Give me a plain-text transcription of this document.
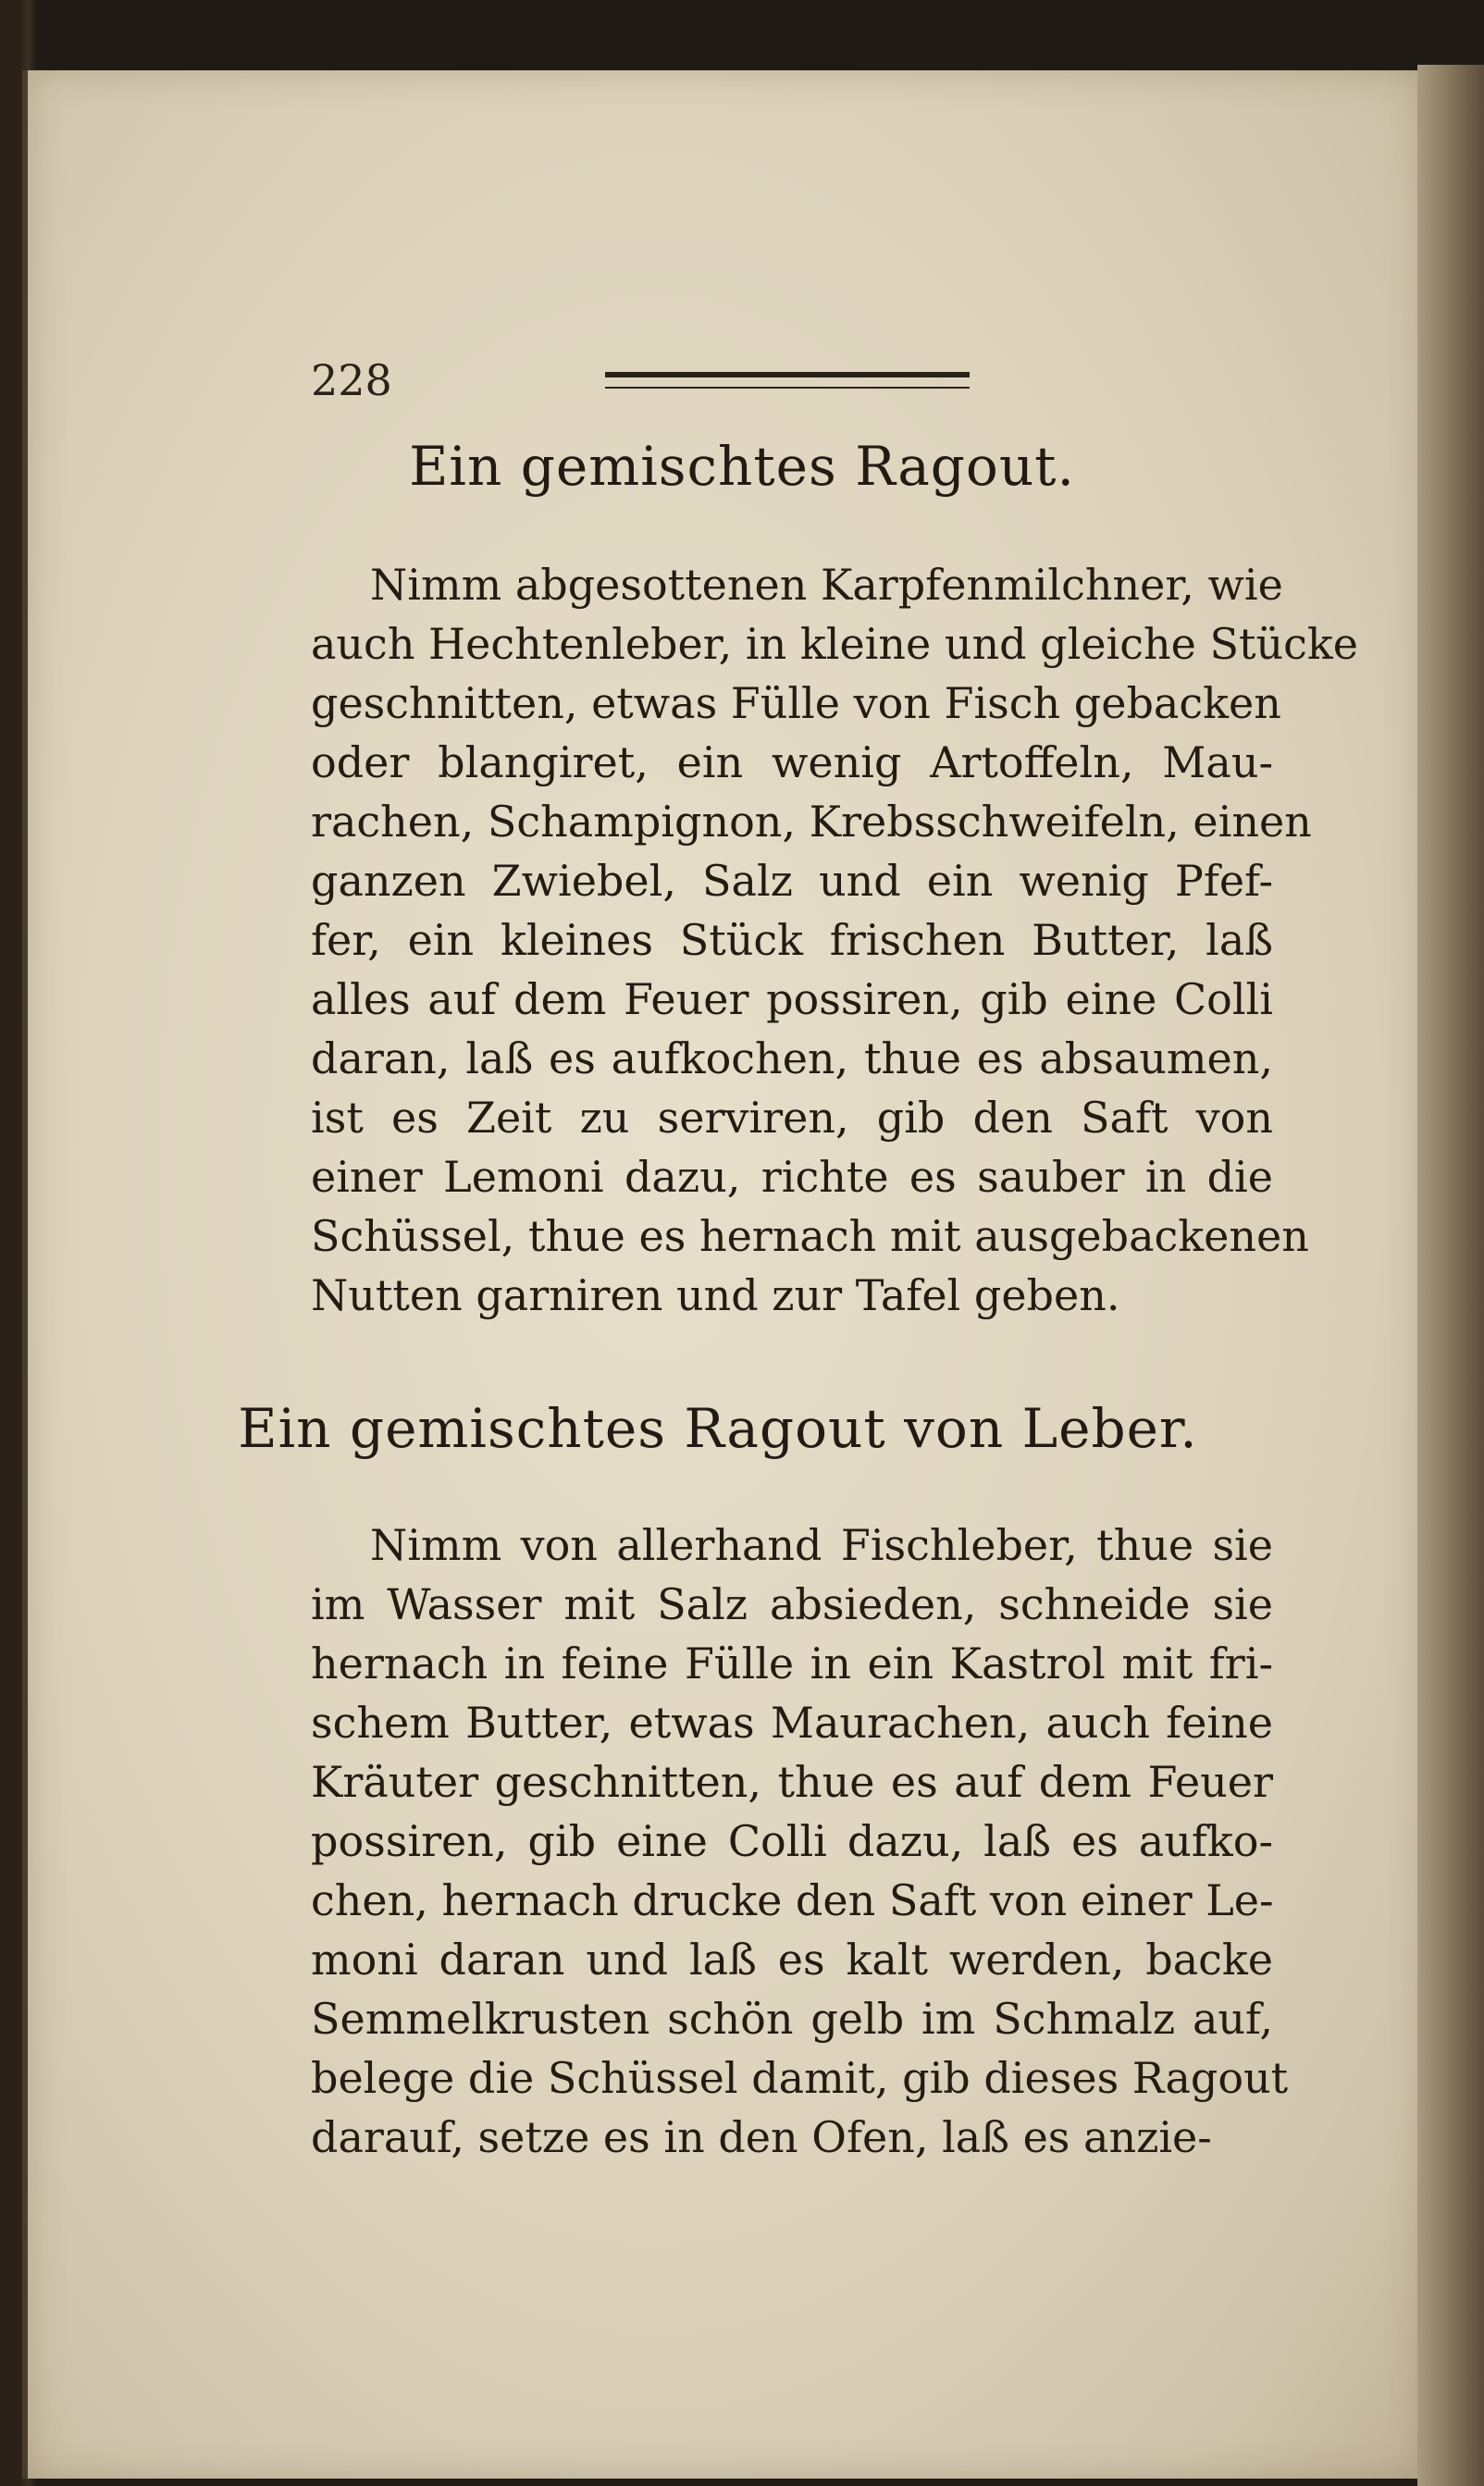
228
Ein gemischtes Ragout.
Nimm abgesottenen Karpfenmilchner, wie
auch Hechtenleber, in kleine und gleiche Stücke
geschnitten, etwas Fülle von Fisch gebacken
oder blangiret, ein wenig Artoffeln, Mau-
rachen, Schampignon, Krebsschweifeln, einen
ganzen Zwiebel, Salz und ein wenig Pfef-
fer, ein kleines Stück frischen Butter, laß
alles auf dem Feuer possiren, gib eine Colli
daran, laß es aufkochen, thue es absaumen,
ist es Zeit zu serviren, gib den Saft von
einer Lemoni dazu, richte es sauber in die
Schüssel, thue es hernach mit ausgebackenen
Nutten garniren und zur Tafel geben.
Ein gemischtes Ragout von Leber.
Nimm von allerhand Fischleber, thue sie
im Wasser mit Salz absieden, schneide sie
hernach in feine Fülle in ein Kastrol mit fri-
schem Butter, etwas Maurachen, auch feine
Kräuter geschnitten, thue es auf dem Feuer
possiren, gib eine Colli dazu, laß es aufko-
chen, hernach drucke den Saft von einer Le-
moni daran und laß es kalt werden, backe
Semmelkrusten schön gelb im Schmalz auf,
belege die Schüssel damit, gib dieses Ragout
darauf, setze es in den Ofen, laß es anzie-
